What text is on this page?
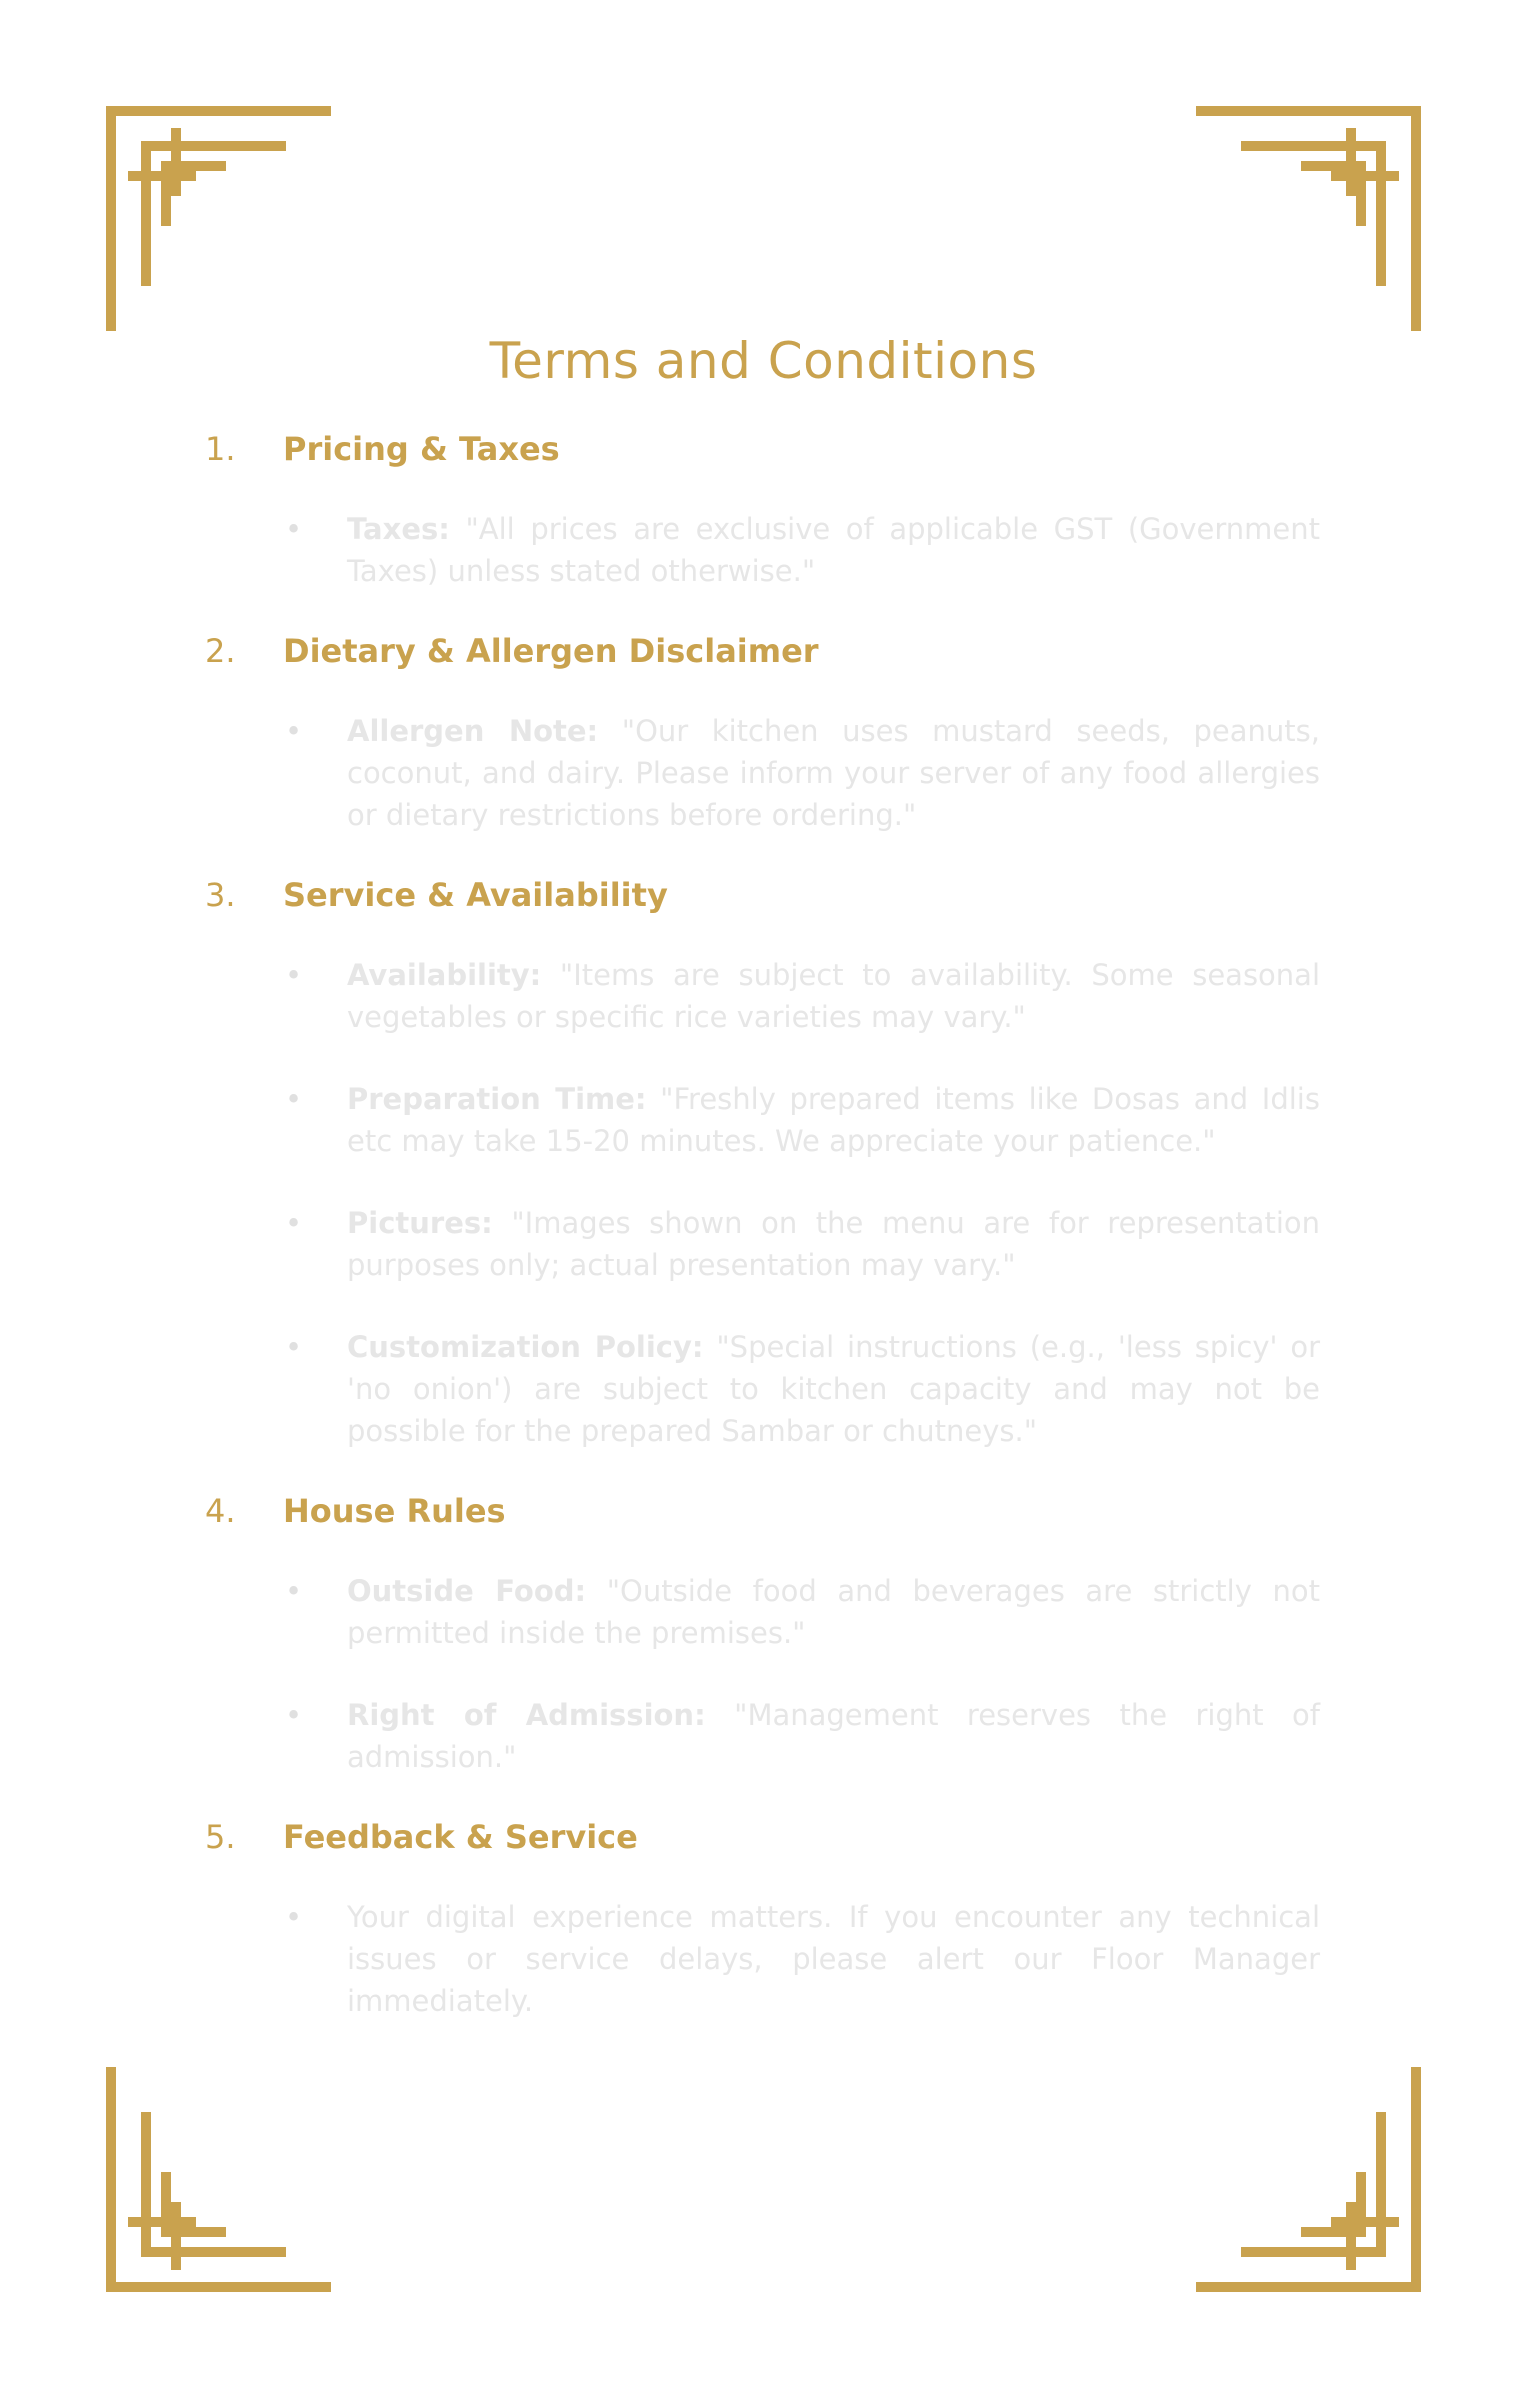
Terms and Conditions
1.	Pricing & Taxes
• Taxes: "All prices are exclusive of applicable GST (Government Taxes) unless stated otherwise."
2.	Dietary & Allergen Disclaimer
• Allergen Note: "Our kitchen uses mustard seeds, peanuts, coconut, and dairy. Please inform your server of any food allergies or dietary restrictions before ordering."
3.	Service & Availability
• Availability: "Items are subject to availability. Some seasonal vegetables or specific rice varieties may vary."
• Preparation Time: "Freshly prepared items like Dosas and Idlis etc may take 15-20 minutes. We appreciate your patience."
• Pictures: "Images shown on the menu are for representation purposes only; actual presentation may vary."
• Customization Policy: "Special instructions (e.g., 'less spicy' or 'no onion') are subject to kitchen capacity and may not be possible for the prepared Sambar or chutneys."
4.	House Rules
• Outside Food: "Outside food and beverages are strictly not permitted inside the premises."
• Right of Admission: "Management reserves the right of admission."
5.	Feedback & Service
• Your digital experience matters. If you encounter any technical issues or service delays, please alert our Floor Manager immediately.
